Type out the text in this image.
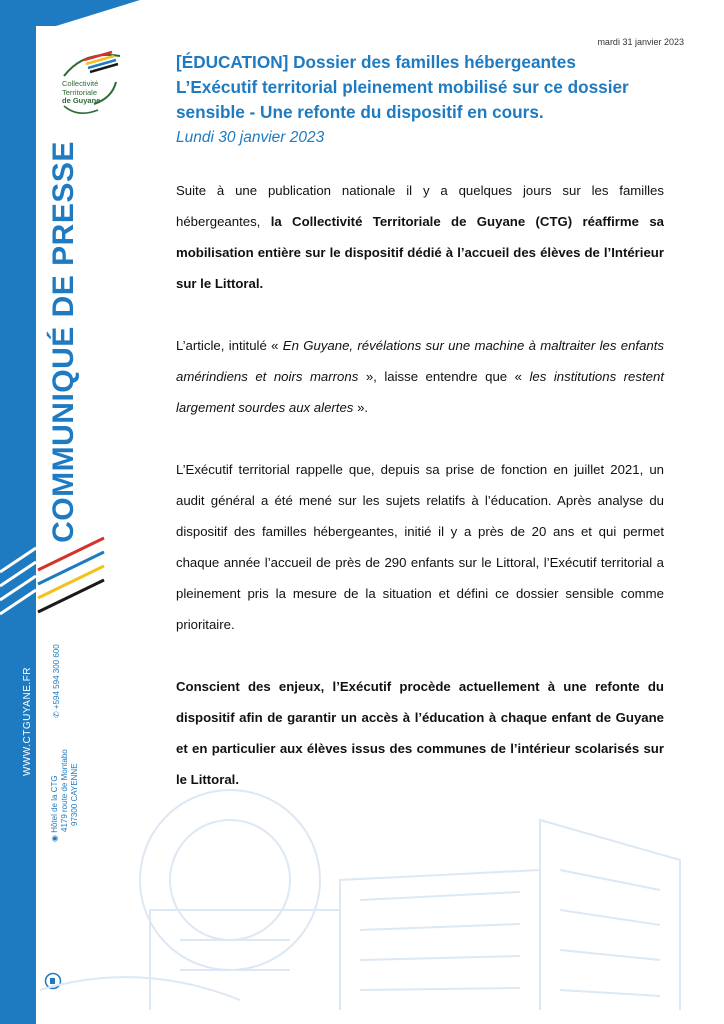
COMMUNIQUÉ DE PRESSE
WWW.CTGUYANE.FR ✆ +594 594 300 600
◉ Hôtel de la CTG 4179 route de Montabo 97300 CAYENNE
Collectivité
Territoriale
de Guyane
mardi 31 janvier 2023
[ÉDUCATION] Dossier des familles hébergeantes
L’Exécutif territorial pleinement mobilisé sur ce dossier
sensible - Une refonte du dispositif en cours.
Lundi 30 janvier 2023

Suite à une publication nationale il y a quelques jours sur les familles hébergeantes, la Collectivité Territoriale de Guyane (CTG) réaffirme sa mobilisation entière sur le dispositif dédié à l’accueil des élèves de l’Intérieur sur le Littoral.

L’article, intitulé « En Guyane, révélations sur une machine à maltraiter les enfants amérindiens et noirs marrons », laisse entendre que « les institutions restent largement sourdes aux alertes ».

L’Exécutif territorial rappelle que, depuis sa prise de fonction en juillet 2021, un audit général a été mené sur les sujets relatifs à l’éducation. Après analyse du dispositif des familles hébergeantes, initié il y a près de 20 ans et qui permet chaque année l’accueil de près de 290 enfants sur le Littoral, l’Exécutif territorial a pleinement pris la mesure de la situation et défini ce dossier sensible comme prioritaire.

Conscient des enjeux, l’Exécutif procède actuellement à une refonte du dispositif afin de garantir un accès à l’éducation à chaque enfant de Guyane et en particulier aux élèves issus des communes de l’intérieur scolarisés sur le Littoral.
